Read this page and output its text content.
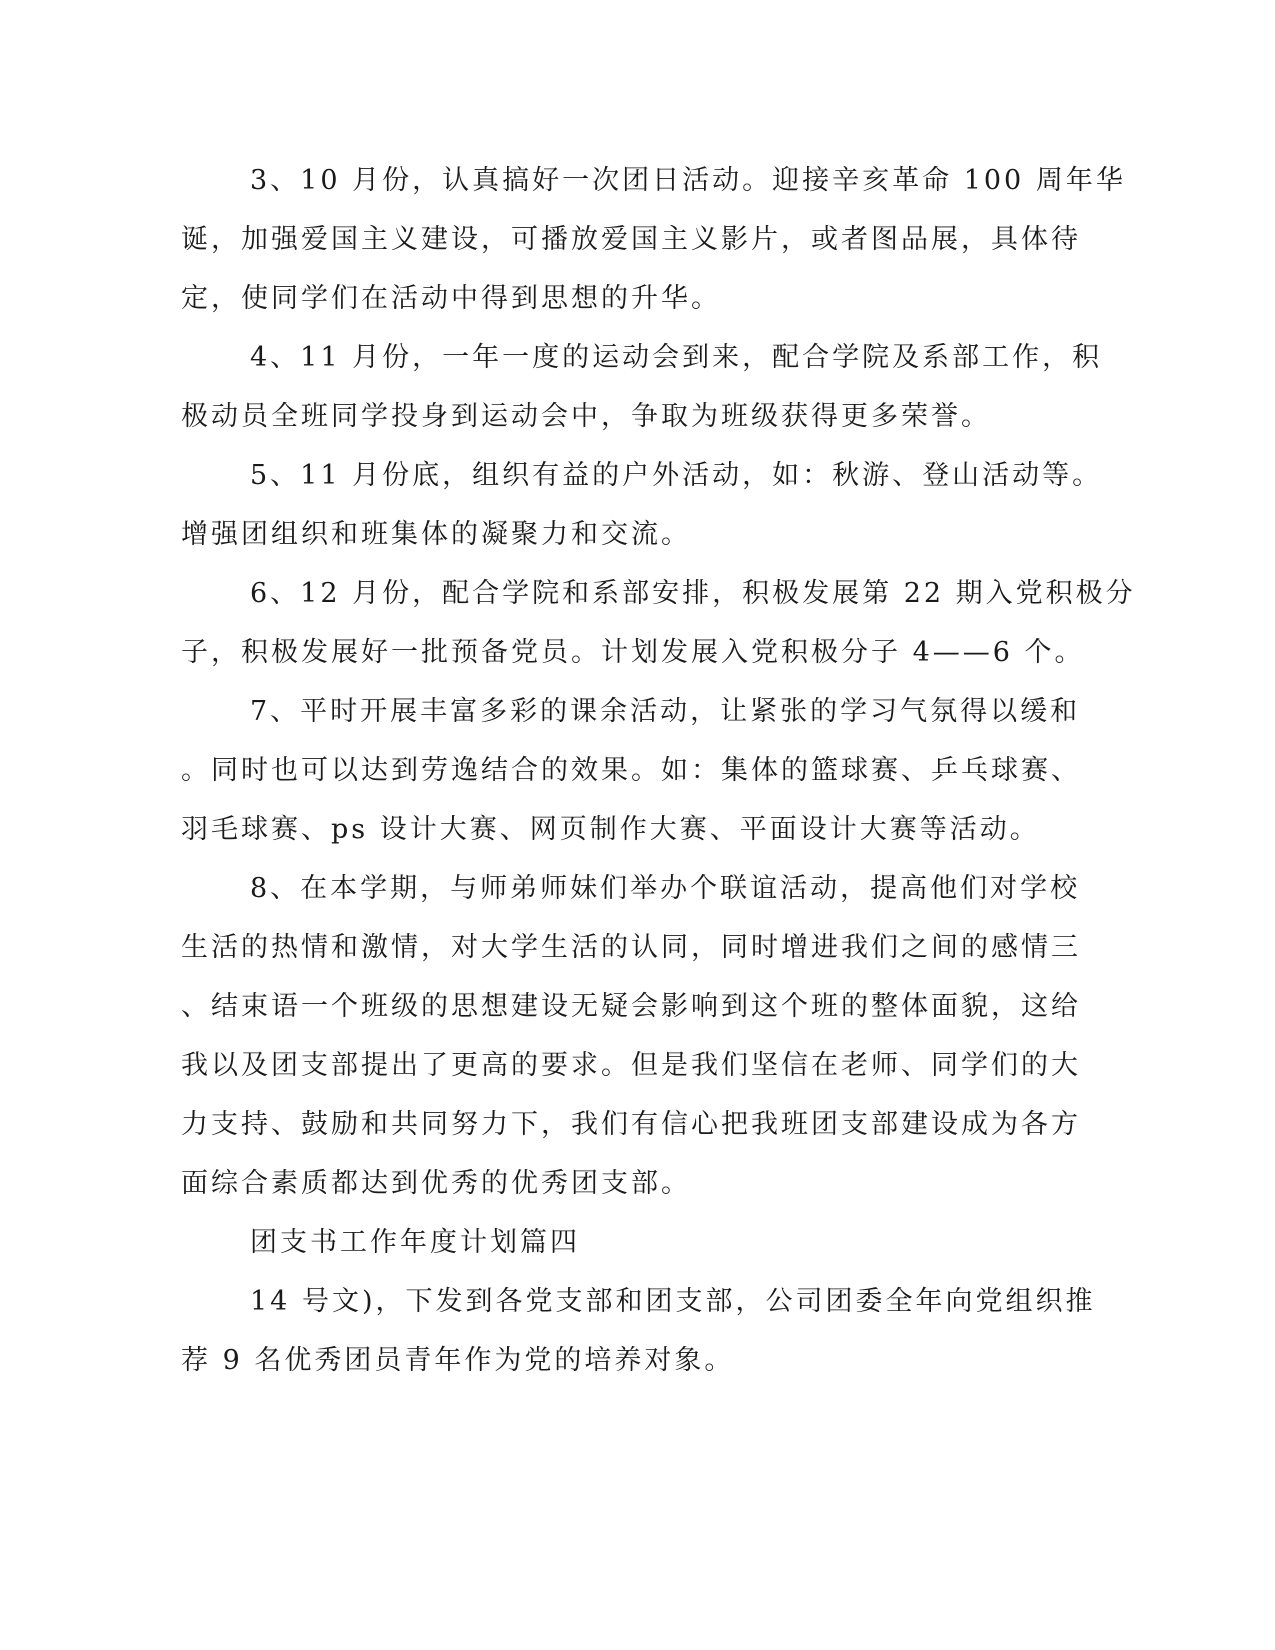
3、10 月份，认真搞好一次团日活动。迎接辛亥革命 100 周年华
诞，加强爱国主义建设，可播放爱国主义影片，或者图品展，具体待
定，使同学们在活动中得到思想的升华。
4、11 月份，一年一度的运动会到来，配合学院及系部工作，积
极动员全班同学投身到运动会中，争取为班级获得更多荣誉。
5、11 月份底，组织有益的户外活动，如：秋游、登山活动等。
增强团组织和班集体的凝聚力和交流。
6、12 月份，配合学院和系部安排，积极发展第 22 期入党积极分
子，积极发展好一批预备党员。计划发展入党积极分子 4——6 个。
7、平时开展丰富多彩的课余活动，让紧张的学习气氛得以缓和
。同时也可以达到劳逸结合的效果。如：集体的篮球赛、乒乓球赛、
羽毛球赛、ps 设计大赛、网页制作大赛、平面设计大赛等活动。
8、在本学期，与师弟师妹们举办个联谊活动，提高他们对学校
生活的热情和激情，对大学生活的认同，同时增进我们之间的感情三
、结束语一个班级的思想建设无疑会影响到这个班的整体面貌，这给
我以及团支部提出了更高的要求。但是我们坚信在老师、同学们的大
力支持、鼓励和共同努力下，我们有信心把我班团支部建设成为各方
面综合素质都达到优秀的优秀团支部。
团支书工作年度计划篇四
14 号文)，下发到各党支部和团支部，公司团委全年向党组织推
荐 9 名优秀团员青年作为党的培养对象。
